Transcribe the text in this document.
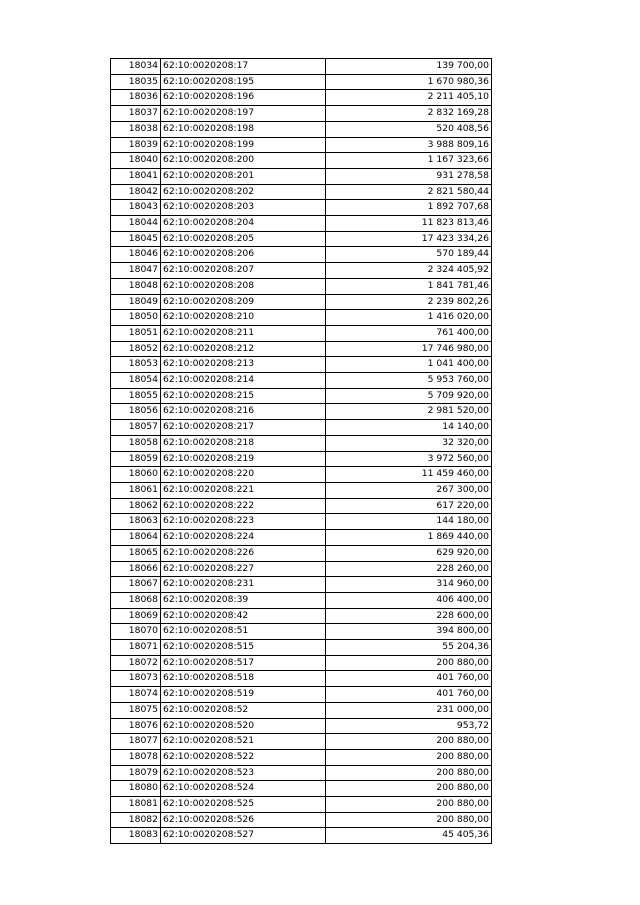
18034	62:10:0020208:17	139 700,00
18035	62:10:0020208:195	1 670 980,36
18036	62:10:0020208:196	2 211 405,10
18037	62:10:0020208:197	2 832 169,28
18038	62:10:0020208:198	520 408,56
18039	62:10:0020208:199	3 988 809,16
18040	62:10:0020208:200	1 167 323,66
18041	62:10:0020208:201	931 278,58
18042	62:10:0020208:202	2 821 580,44
18043	62:10:0020208:203	1 892 707,68
18044	62:10:0020208:204	11 823 813,46
18045	62:10:0020208:205	17 423 334,26
18046	62:10:0020208:206	570 189,44
18047	62:10:0020208:207	2 324 405,92
18048	62:10:0020208:208	1 841 781,46
18049	62:10:0020208:209	2 239 802,26
18050	62:10:0020208:210	1 416 020,00
18051	62:10:0020208:211	761 400,00
18052	62:10:0020208:212	17 746 980,00
18053	62:10:0020208:213	1 041 400,00
18054	62:10:0020208:214	5 953 760,00
18055	62:10:0020208:215	5 709 920,00
18056	62:10:0020208:216	2 981 520,00
18057	62:10:0020208:217	14 140,00
18058	62:10:0020208:218	32 320,00
18059	62:10:0020208:219	3 972 560,00
18060	62:10:0020208:220	11 459 460,00
18061	62:10:0020208:221	267 300,00
18062	62:10:0020208:222	617 220,00
18063	62:10:0020208:223	144 180,00
18064	62:10:0020208:224	1 869 440,00
18065	62:10:0020208:226	629 920,00
18066	62:10:0020208:227	228 260,00
18067	62:10:0020208:231	314 960,00
18068	62:10:0020208:39	406 400,00
18069	62:10:0020208:42	228 600,00
18070	62:10:0020208:51	394 800,00
18071	62:10:0020208:515	55 204,36
18072	62:10:0020208:517	200 880,00
18073	62:10:0020208:518	401 760,00
18074	62:10:0020208:519	401 760,00
18075	62:10:0020208:52	231 000,00
18076	62:10:0020208:520	953,72
18077	62:10:0020208:521	200 880,00
18078	62:10:0020208:522	200 880,00
18079	62:10:0020208:523	200 880,00
18080	62:10:0020208:524	200 880,00
18081	62:10:0020208:525	200 880,00
18082	62:10:0020208:526	200 880,00
18083	62:10:0020208:527	45 405,36
